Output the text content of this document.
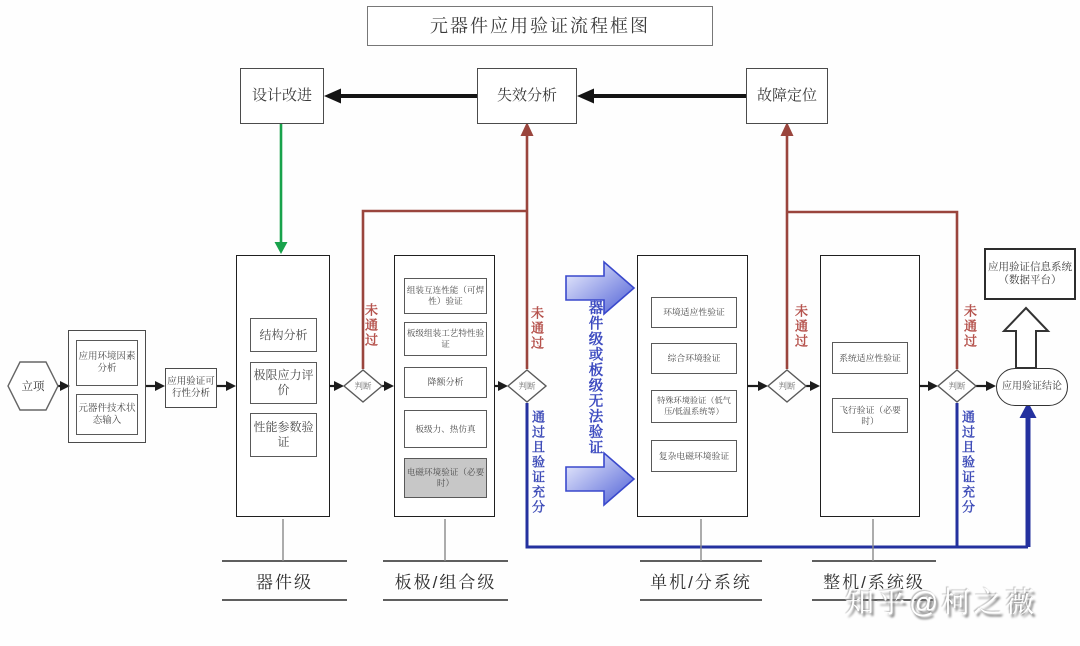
元器件应用验证流程框图
设计改进	失效分析	故障定位
立项
应用环境因素分析
元器件技术状态输入
应用验证可行性分析
结构分析
极限应力评价
性能参数验证
组装互连性能（可焊性）验证
板级组装工艺特性验证
降额分析
板级力、热仿真
电磁环境验证（必要时）
环境适应性验证
综合环境验证
特殊环境验证（低气压/低温系统等）
复杂电磁环境验证
系统适应性验证
飞行验证（必要时）
应用验证结论
应用验证信息系统（数据平台）
判断	判断	判断	判断
未通过	未通过	未通过	未通过
通过且验证充分	通过且验证充分
器件级或板级无法验证
器件级	板极/组合级	单机/分系统	整机/系统级
知乎@柯之薇
